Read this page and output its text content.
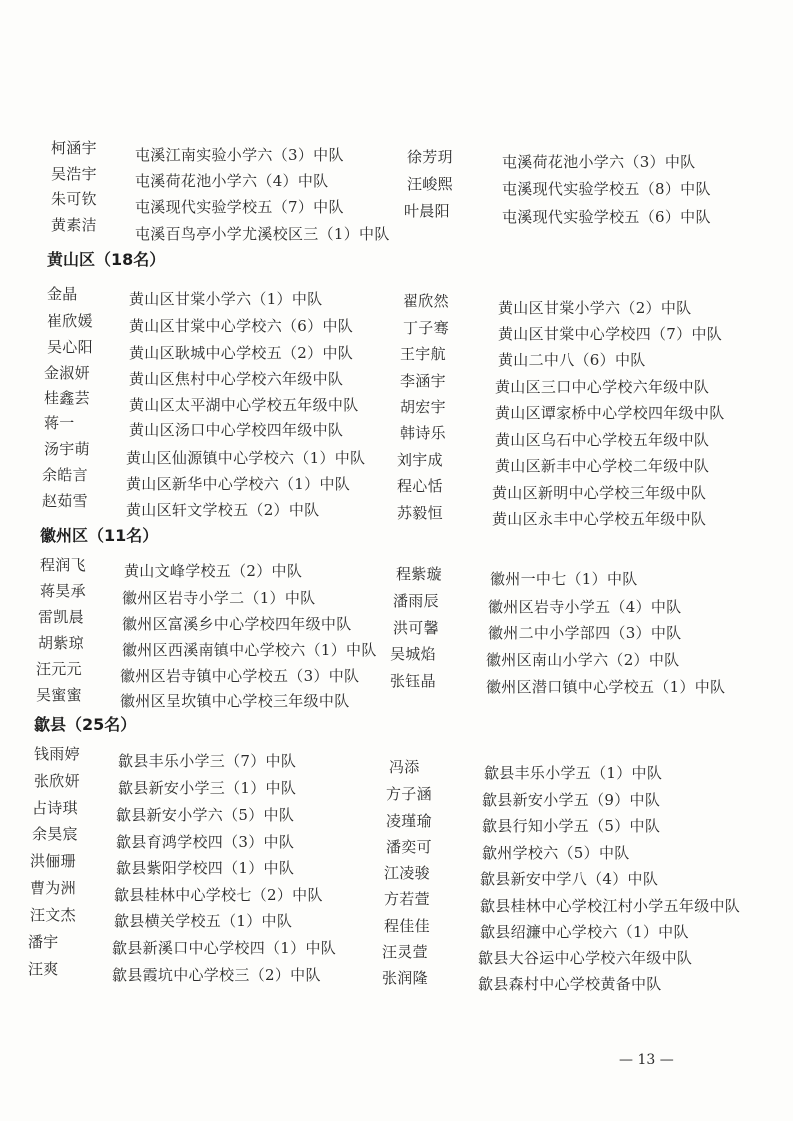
柯涵宇	屯溪江南实验小学六（3）中队
吴浩宇	屯溪荷花池小学六（4）中队
朱可钦	屯溪现代实验学校五（7）中队
黄素洁	屯溪百鸟亭小学尤溪校区三（1）中队
徐芳玥	屯溪荷花池小学六（3）中队
汪峻熙	屯溪现代实验学校五（8）中队
叶晨阳	屯溪现代实验学校五（6）中队
黄山区（18名）
金晶	黄山区甘棠小学六（1）中队
崔欣媛 黄山区甘棠中心学校六（6）中队
吴心阳 黄山区耿城中心学校五（2）中队
金淑妍	黄山区焦村中心学校六年级中队
桂鑫芸	黄山区太平湖中心学校五年级中队
蒋一	黄山区汤口中心学校四年级中队
汤宇萌 黄山区仙源镇中心学校六（1）中队
余皓言	黄山区新华中心学校六（1）中队
赵茹雪	黄山区轩文学校五（2）中队
翟欣然	黄山区甘棠小学六（2）中队
丁子骞	黄山区甘棠中心学校四（7）中队
王宇航	黄山二中八（6）中队
李涵宇	黄山区三口中心学校六年级中队
胡宏宇	黄山区谭家桥中心学校四年级中队
韩诗乐	黄山区乌石中心学校五年级中队
刘宇成	黄山区新丰中心学校二年级中队
程心恬	黄山区新明中心学校三年级中队
苏毅恒	黄山区永丰中心学校五年级中队
徽州区（11名）
程润飞	黄山文峰学校五（2）中队
蒋昊承 徽州区岩寺小学二（1）中队
雷凯晨	徽州区富溪乡中心学校四年级中队
胡紫琼	徽州区西溪南镇中心学校六（1）中队
汪元元	徽州区岩寺镇中心学校五（3）中队
吴蜜蜜	徽州区呈坎镇中心学校三年级中队
程紫璇	徽州一中七（1）中队
潘雨辰	徽州区岩寺小学五（4）中队
洪可馨	徽州二中小学部四（3）中队
吴城焰	徽州区南山小学六（2）中队
张钰晶	徽州区潜口镇中心学校五（1）中队
歙县（25名）
钱雨婷	歙县丰乐小学三（7）中队
张欣妍	歙县新安小学三（1）中队
占诗琪	歙县新安小学六（5）中队
余昊宸	歙县育鸿学校四（3）中队
洪俪珊	歙县紫阳学校四（1）中队
曹为洲	歙县桂林中心学校七（2）中队
汪文杰	歙县横关学校五（1）中队
潘宇	歙县新溪口中心学校四（1）中队
汪爽	歙县霞坑中心学校三（2）中队
冯添	歙县丰乐小学五（1）中队
方子涵	歙县新安小学五（9）中队
凌瑾瑜	歙县行知小学五（5）中队
潘奕可	歙州学校六（5）中队
江凌骏	歙县新安中学八（4）中队
方若萱	歙县桂林中心学校江村小学五年级中队
程佳佳	歙县绍濂中心学校六（1）中队
汪灵萱	歙县大谷运中心学校六年级中队
张润隆	歙县森村中心学校黄备中队
— 13 —
